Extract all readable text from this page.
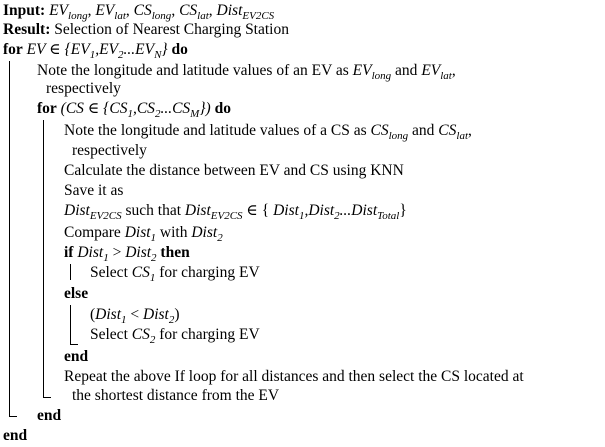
Input: $EV_{long}$, $EV_{lat}$, $CS_{long}$, $CS_{lat}$, Dist$_{EV2CS}$
Result: Selection of Nearest Charging Station
for EV ∈ $\{EV_1,EV_2...EV_N\}$ do
Note the longitude and latitude values of an EV as $EV_{long}$ and $EV_{lat}$,
respectively
for (CS ∈ $\{CS_1,CS_2...CS_M\}$) do
Note the longitude and latitude values of a CS as $CS_{long}$ and $CS_{lat}$,
respectively
Calculate the distance between EV and CS using KNN
Save it as
Dist$_{EV2CS}$ such that Dist$_{EV2CS}$ ∈ { Dist$_1$,Dist$_2$...Dist$_{Total}$}
Compare Dist$_1$ with Dist$_2$
if Dist$_1$ > Dist$_2$ then
Select $CS_1$ for charging EV
else
(Dist$_1$ < Dist$_2$)
Select $CS_2$ for charging EV
end
Repeat the above If loop for all distances and then select the CS located at
the shortest distance from the EV
end
end
